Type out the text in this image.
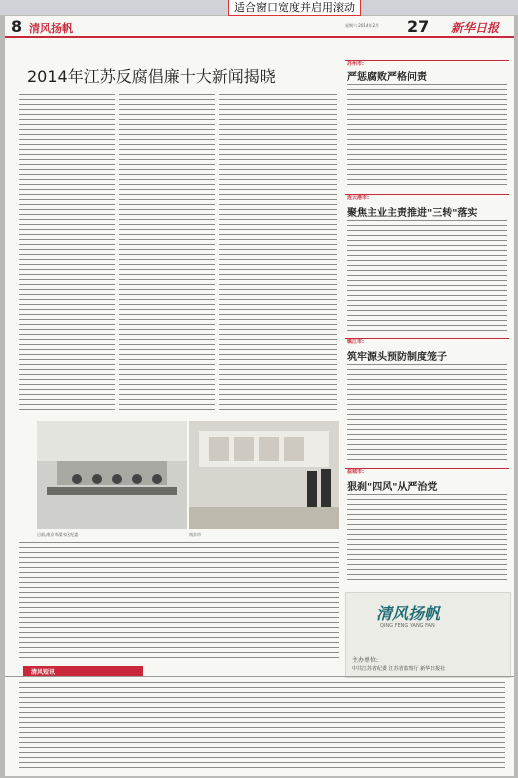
适合窗口宽度并启用滚动
8 清风扬帆	星期六 2014年2月 27 新华日报
2014年江苏反腐倡廉十大新闻揭晓
日前,南京市溧水区纪委	南京市
苏州市:
严惩腐败严格问责
连云港市:
聚焦主业主责推进"三转"落实
镇江市:
筑牢源头预防制度笼子
盐城市:
狠刹"四风"从严治党
清风扬帆
QING FENG YANG FAN
主办单位:
中共江苏省纪委 江苏省监察厅 新华日报社
清风短讯
